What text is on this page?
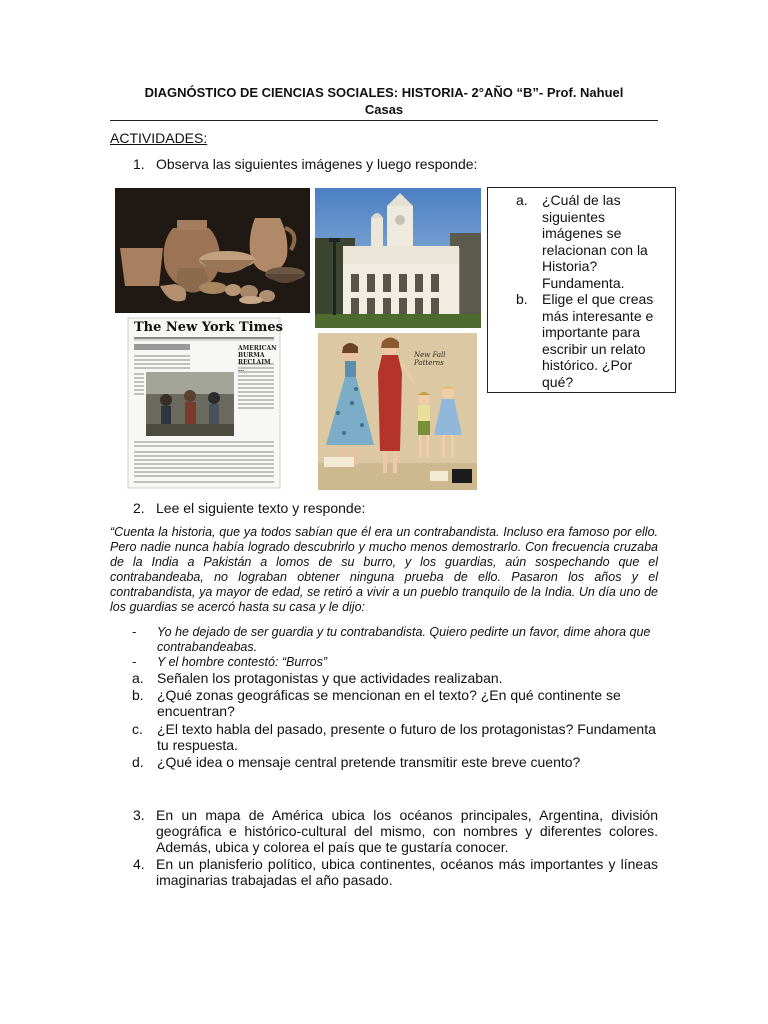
DIAGNÓSTICO DE CIENCIAS SOCIALES: HISTORIA- 2°AÑO “B”- Prof. Nahuel
Casas
ACTIVIDADES:
1. Observa las siguientes imágenes y luego responde:
The New York Times
AMERICAN BURMA RECLAIM ...
New Fall Patterns
a. ¿Cuál de las siguientes imágenes se relacionan con la Historia? Fundamenta.
b. Elige el que creas más interesante e importante para escribir un relato histórico. ¿Por qué?
2. Lee el siguiente texto y responde:
“Cuenta la historia, que ya todos sabían que él era un contrabandista. Incluso era famoso por ello. Pero nadie nunca había logrado descubrirlo y mucho menos demostrarlo. Con frecuencia cruzaba de la India a Pakistán a lomos de su burro, y los guardias, aún sospechando que el contrabandeaba, no lograban obtener ninguna prueba de ello. Pasaron los años y el contrabandista, ya mayor de edad, se retiró a vivir a un pueblo tranquilo de la India. Un día uno de los guardias se acercó hasta su casa y le dijo:
- Yo he dejado de ser guardia y tu contrabandista. Quiero pedirte un favor, dime ahora que contrabandeabas.
- Y el hombre contestó: “Burros”
a. Señalen los protagonistas y que actividades realizaban.
b. ¿Qué zonas geográficas se mencionan en el texto? ¿En qué continente se encuentran?
c. ¿El texto habla del pasado, presente o futuro de los protagonistas? Fundamenta tu respuesta.
d. ¿Qué idea o mensaje central pretende transmitir este breve cuento?
3. En un mapa de América ubica los océanos principales, Argentina, división geográfica e histórico-cultural del mismo, con nombres y diferentes colores. Además, ubica y colorea el país que te gustaría conocer.
4. En un planisferio político, ubica continentes, océanos más importantes y líneas imaginarias trabajadas el año pasado.
